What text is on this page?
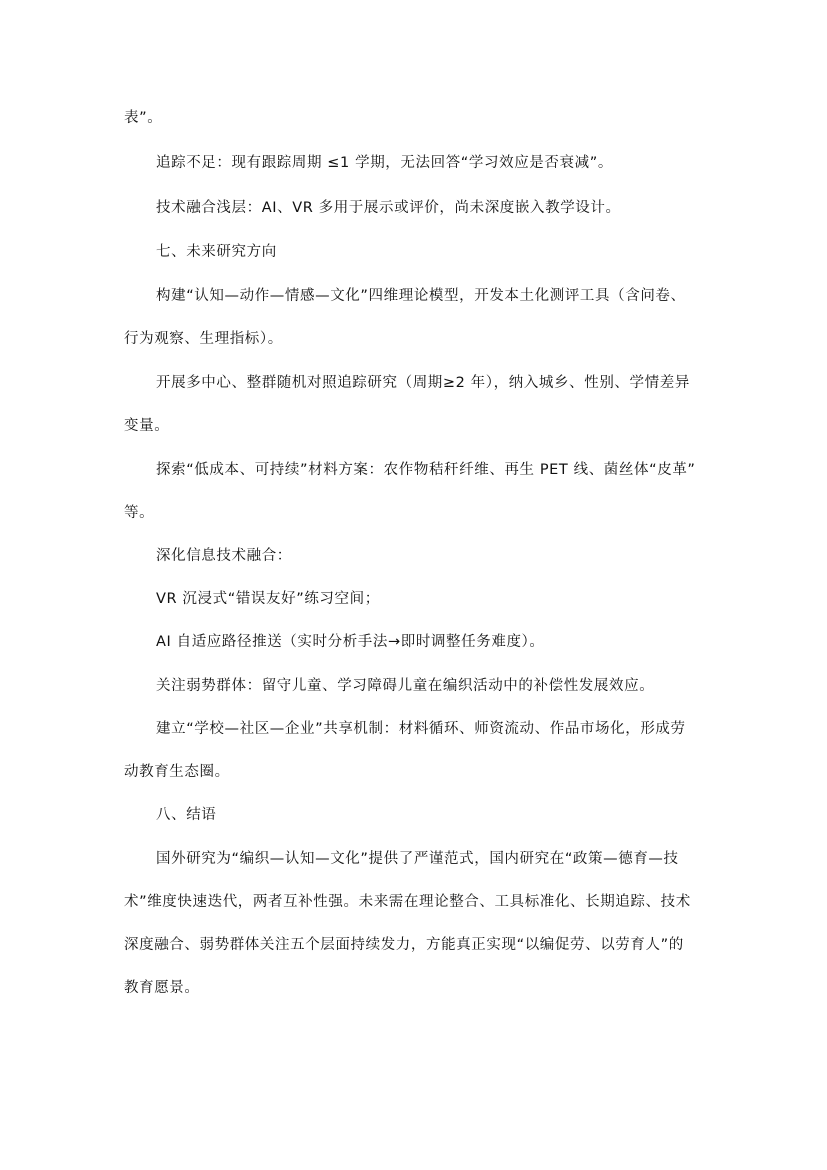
表”。
追踪不足：现有跟踪周期 ≤1 学期，无法回答“学习效应是否衰减”。
技术融合浅层：AI、VR 多用于展示或评价，尚未深度嵌入教学设计。
七、未来研究方向
构建“认知—动作—情感—文化”四维理论模型，开发本土化测评工具（含问卷、
行为观察、生理指标）。
开展多中心、整群随机对照追踪研究（周期≥2 年），纳入城乡、性别、学情差异
变量。
探索“低成本、可持续”材料方案：农作物秸秆纤维、再生 PET 线、菌丝体“皮革”
等。
深化信息技术融合：
VR 沉浸式“错误友好”练习空间；
AI 自适应路径推送（实时分析手法→即时调整任务难度）。
关注弱势群体：留守儿童、学习障碍儿童在编织活动中的补偿性发展效应。
建立“学校—社区—企业”共享机制：材料循环、师资流动、作品市场化，形成劳
动教育生态圈。
八、结语
国外研究为“编织—认知—文化”提供了严谨范式，国内研究在“政策—德育—技
术”维度快速迭代，两者互补性强。未来需在理论整合、工具标准化、长期追踪、技术
深度融合、弱势群体关注五个层面持续发力，方能真正实现“以编促劳、以劳育人”的
教育愿景。
